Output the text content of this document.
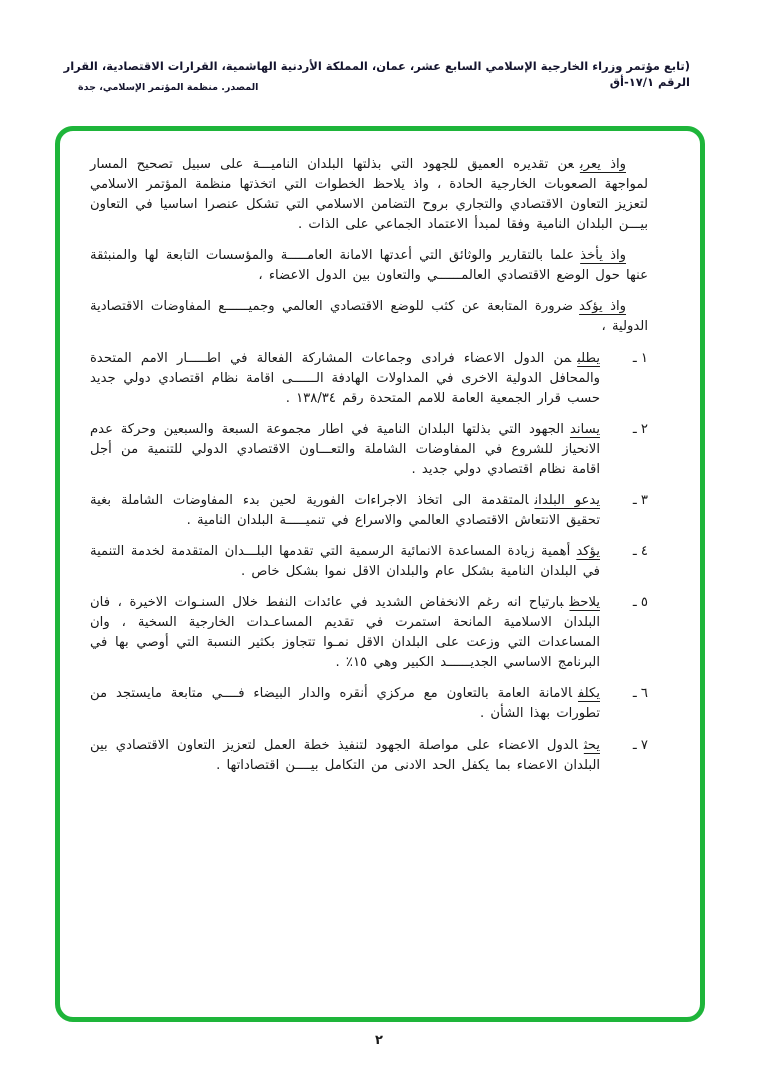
(تابع مؤتمر وزراء الخارجية الإسلامي السابع عشر، عمان، المملكة الأردنية الهاشمية، القرارات الاقتصادية، القرار الرقم ١٧/١-أق
المصدر. منظمة المؤتمر الإسلامي، جدة

واذ يعربعن تقديره العميق للجهود التي بذلتها البلدان الناميـــة على سبيل تصحيح المسار لمواجهة الصعوبات الخارجية الحادة ، واذ يلاحظ الخطوات التي اتخذتها منظمة المؤتمر الاسلامي لتعزيز التعاون الاقتصادي والتجاري بروح التضامن الاسلامي التي تشكل عنصرا اساسيا في التعاون بيـــن البلدان النامية وفقا لمبدأ الاعتماد الجماعي على الذات .

واذ يأخذعلما بالتقارير والوثائق التي أعدتها الامانة العامـــــة والمؤسسات التابعة لها والمنبثقة عنها حول الوضع الاقتصادي العالمــــــي والتعاون بين الدول الاعضاء ،

واذ يؤكدضرورة المتابعة عن كثب للوضع الاقتصادي العالمي وجميــــــع المفاوضات الاقتصادية الدولية ،

١ ـ

يطلبمن الدول الاعضاء فرادى وجماعات المشاركة الفعالة في اطـــــار الامم المتحدة والمحافل الدولية الاخرى في المداولات الهادفة الــــــى اقامة نظام اقتصادي دولي جديد حسب قرار الجمعية العامة للامم المتحدة رقم ١٣٨/٣٤ .

٢ ـ

يساندالجهود التي بذلتها البلدان النامية في اطار مجموعة السبعة والسبعين وحركة عدم الانحياز للشروع في المفاوضات الشاملة والتعـــاون الاقتصادي الدولي للتنمية من أجل اقامة نظام اقتصادي دولي جديد .

٣ ـ

يدعو البلدانالمتقدمة الى اتخاذ الاجراءات الفورية لحين بدء المفاوضات الشاملة بغية تحقيق الانتعاش الاقتصادي العالمي والاسراع في تنميـــــة البلدان النامية .

٤ ـ

يؤكدأهمية زيادة المساعدة الانمائية الرسمية التي تقدمها البلـــدان المتقدمة لخدمة التنمية في البلدان النامية بشكل عام والبلدان الاقل نموا بشكل خاص .

٥ ـ

يلاحظبارتياح انه رغم الانخفاض الشديد في عائدات النفط خلال السنـوات الاخيرة ، فان البلدان الاسلامية المانحة استمرت في تقديم المساعـدات الخارجية السخية ، وان المساعدات التي وزعت على البلدان الاقل نمـوا تتجاوز بكثير النسبة التي أوصي بها في البرنامج الاساسي الجديــــــد الكبير وهي ١٥٪ .

٦ ـ

يكلفالامانة العامة بالتعاون مع مركزي أنقره والدار البيضاء فــــي متابعة مايستجد من تطورات بهذا الشأن .

٧ ـ

يحثالدول الاعضاء على مواصلة الجهود لتنفيذ خطة العمل لتعزيز التعاون الاقتصادي بين البلدان الاعضاء بما يكفل الحد الادنى من التكامل بيــــن اقتصاداتها .

٢
